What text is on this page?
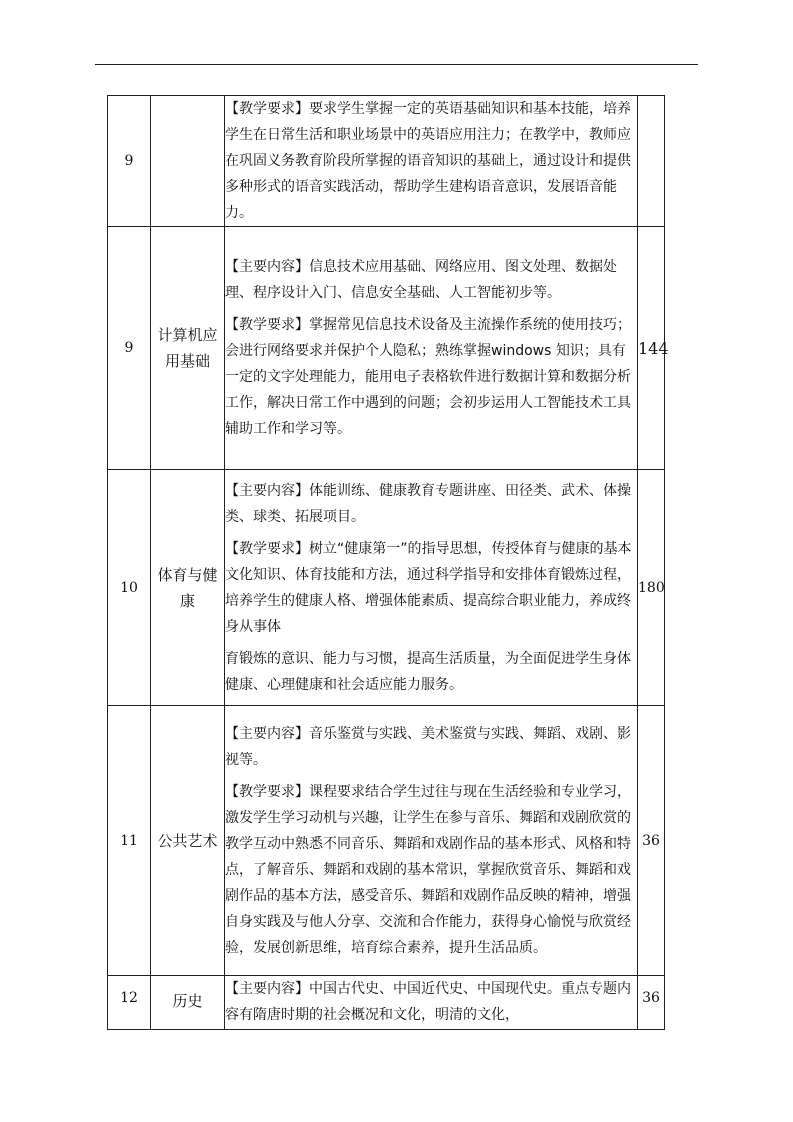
9		【教学要求】要求学生掌握一定的英语基础知识和基本技能，培养学生在日常生活和职业场景中的英语应用注力；在教学中，教师应在巩固义务教育阶段所掌握的语音知识的基础上，通过设计和提供多种形式的语音实践活动，帮助学生建构语音意识，发展语音能力。	

9	计算机应用基础	【主要内容】信息技术应用基础、网络应用、图文处理、数据处理、程序设计入门、信息安全基础、人工智能初步等。

【教学要求】掌握常见信息技术设备及主流操作系统的使用技巧；会进行网络要求并保护个人隐私；熟练掌握windows 知识；具有一定的文字处理能力，能用电子表格软件进行数据计算和数据分析工作，解决日常工作中遇到的问题；会初步运用人工智能技术工具辅助工作和学习等。	144
10	体育与健康	【主要内容】体能训练、健康教育专题讲座、田径类、武术、体操类、球类、拓展项目。

【教学要求】树立“健康第一”的指导思想，传授体育与健康的基本文化知识、体育技能和方法，通过科学指导和安排体育锻炼过程，培养学生的健康人格、增强体能素质、提高综合职业能力，养成终身从事体

育锻炼的意识、能力与习惯，提高生活质量，为全面促进学生身体健康、心理健康和社会适应能力服务。	180
11	公共艺术	【主要内容】音乐鉴赏与实践、美术鉴赏与实践、舞蹈、戏剧、影视等。

【教学要求】课程要求结合学生过往与现在生活经验和专业学习，激发学生学习动机与兴趣，让学生在参与音乐、舞蹈和戏剧欣赏的教学互动中熟悉不同音乐、舞蹈和戏剧作品的基本形式、风格和特点，了解音乐、舞蹈和戏剧的基本常识，掌握欣赏音乐、舞蹈和戏剧作品的基本方法，感受音乐、舞蹈和戏剧作品反映的精神，增强自身实践及与他人分享、交流和合作能力，获得身心愉悦与欣赏经验，发展创新思维，培育综合素养，提升生活品质。	36
12	历史	【主要内容】中国古代史、中国近代史、中国现代史。重点专题内容有隋唐时期的社会概况和文化，明清的文化，	36
